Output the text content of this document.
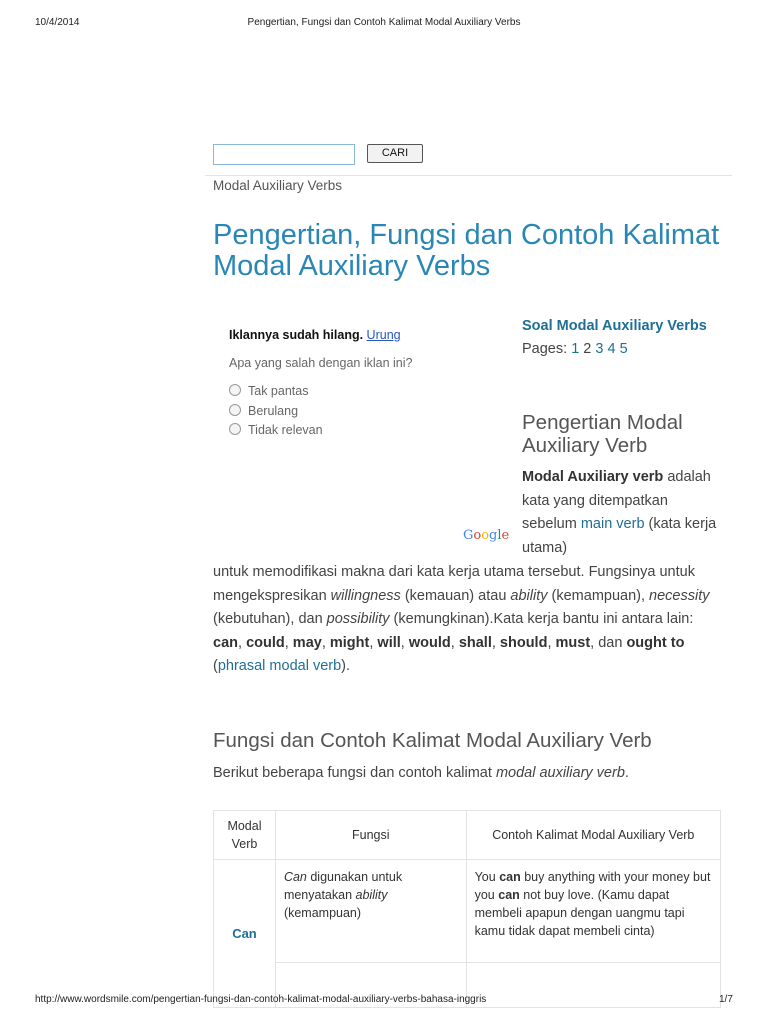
10/4/2014	Pengertian, Fungsi dan Contoh Kalimat Modal Auxiliary Verbs
CARI
Modal Auxiliary Verbs
Pengertian, Fungsi dan Contoh Kalimat Modal Auxiliary Verbs
Iklannya sudah hilang. Urung
Apa yang salah dengan iklan ini?
Tak pantas
Berulang
Tidak relevan
Google
Soal Modal Auxiliary Verbs
Pages: 1 2 3 4 5
Pengertian Modal Auxiliary Verb
Modal Auxiliary verb adalah kata yang ditempatkan sebelum main verb (kata kerja utama)
untuk memodifikasi makna dari kata kerja utama tersebut. Fungsinya untuk mengekspresikan willingness (kemauan) atau ability (kemampuan), necessity (kebutuhan), dan possibility (kemungkinan).Kata kerja bantu ini antara lain: can, could, may, might, will, would, shall, should, must, dan ought to (phrasal modal verb).
Fungsi dan Contoh Kalimat Modal Auxiliary Verb
Berikut beberapa fungsi dan contoh kalimat modal auxiliary verb.
Modal Verb	Fungsi	Contoh Kalimat Modal Auxiliary Verb
Can	Can digunakan untuk menyatakan ability (kemampuan)	You can buy anything with your money but you can not buy love. (Kamu dapat membeli apapun dengan uangmu tapi kamu tidak dapat membeli cinta)

http://www.wordsmile.com/pengertian-fungsi-dan-contoh-kalimat-modal-auxiliary-verbs-bahasa-inggris	1/7
